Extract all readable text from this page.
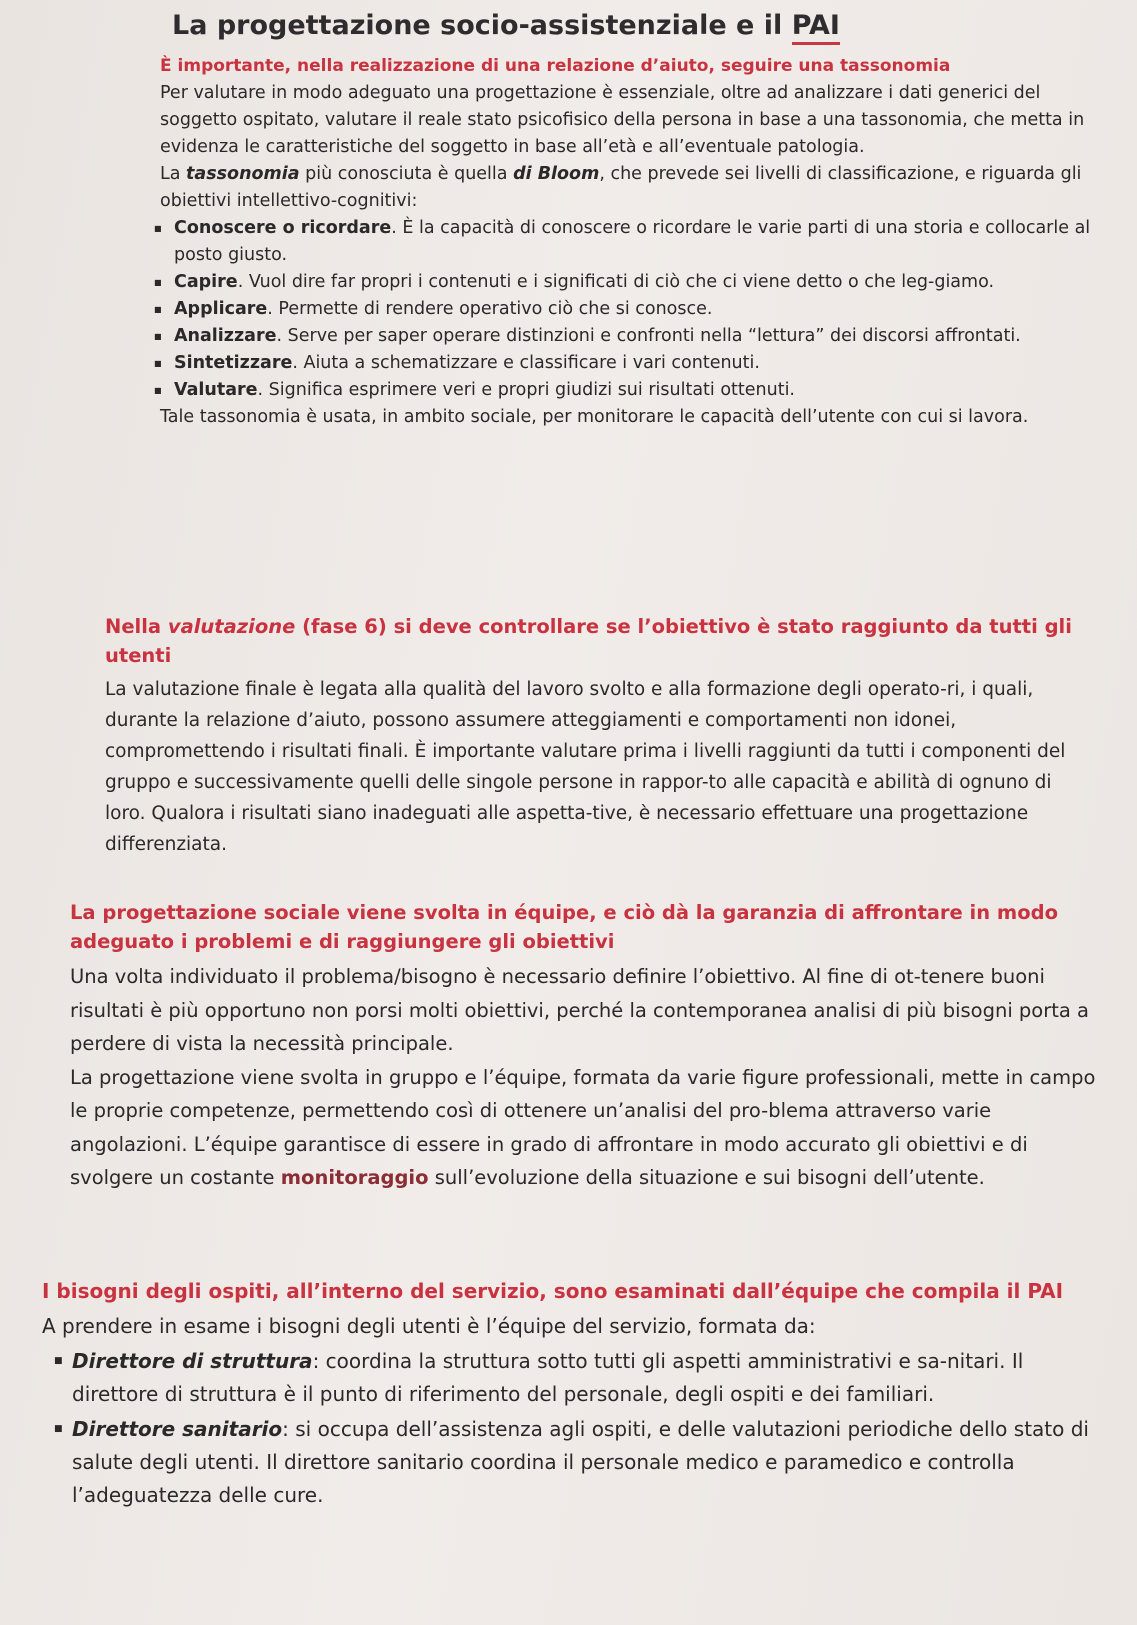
La progettazione socio-assistenziale e il PAI

È importante, nella realizzazione di una relazione d’aiuto, seguire una tassonomia

Per valutare in modo adeguato una progettazione è essenziale, oltre ad analizzare i dati generici del soggetto ospitato, valutare il reale stato psicofisico della persona in base a una tassonomia, che metta in evidenza le caratteristiche del soggetto in base all’età e all’eventuale patologia.

La tassonomia più conosciuta è quella di Bloom, che prevede sei livelli di classificazione, e riguarda gli obiettivi intellettivo-cognitivi:

■ Conoscere o ricordare. È la capacità di conoscere o ricordare le varie parti di una storia e collocarle al posto giusto.
■ Capire. Vuol dire far propri i contenuti e i significati di ciò che ci viene detto o che leg-giamo.
■ Applicare. Permette di rendere operativo ciò che si conosce.
■ Analizzare. Serve per saper operare distinzioni e confronti nella “lettura” dei discorsi affrontati.
■ Sintetizzare. Aiuta a schematizzare e classificare i vari contenuti.
■ Valutare. Significa esprimere veri e propri giudizi sui risultati ottenuti.

Tale tassonomia è usata, in ambito sociale, per monitorare le capacità dell’utente con cui si lavora.

Nella valutazione (fase 6) si deve controllare se l’obiettivo è stato raggiunto da tutti gli utenti

La valutazione finale è legata alla qualità del lavoro svolto e alla formazione degli operato-ri, i quali, durante la relazione d’aiuto, possono assumere atteggiamenti e comportamenti non idonei, compromettendo i risultati finali. È importante valutare prima i livelli raggiunti da tutti i componenti del gruppo e successivamente quelli delle singole persone in rappor-to alle capacità e abilità di ognuno di loro. Qualora i risultati siano inadeguati alle aspetta-tive, è necessario effettuare una progettazione differenziata.

La progettazione sociale viene svolta in équipe, e ciò dà la garanzia di affrontare in modo adeguato i problemi e di raggiungere gli obiettivi

Una volta individuato il problema/bisogno è necessario definire l’obiettivo. Al fine di ot-tenere buoni risultati è più opportuno non porsi molti obiettivi, perché la contemporanea analisi di più bisogni porta a perdere di vista la necessità principale.

La progettazione viene svolta in gruppo e l’équipe, formata da varie figure professionali, mette in campo le proprie competenze, permettendo così di ottenere un’analisi del pro-blema attraverso varie angolazioni. L’équipe garantisce di essere in grado di affrontare in modo accurato gli obiettivi e di svolgere un costante monitoraggio sull’evoluzione della situazione e sui bisogni dell’utente.

I bisogni degli ospiti, all’interno del servizio, sono esaminati dall’équipe che compila il PAI

A prendere in esame i bisogni degli utenti è l’équipe del servizio, formata da:

■ Direttore di struttura: coordina la struttura sotto tutti gli aspetti amministrativi e sa-nitari. Il direttore di struttura è il punto di riferimento del personale, degli ospiti e dei familiari.
■ Direttore sanitario: si occupa dell’assistenza agli ospiti, e delle valutazioni periodiche dello stato di salute degli utenti. Il direttore sanitario coordina il personale medico e paramedico e controlla l’adeguatezza delle cure.
